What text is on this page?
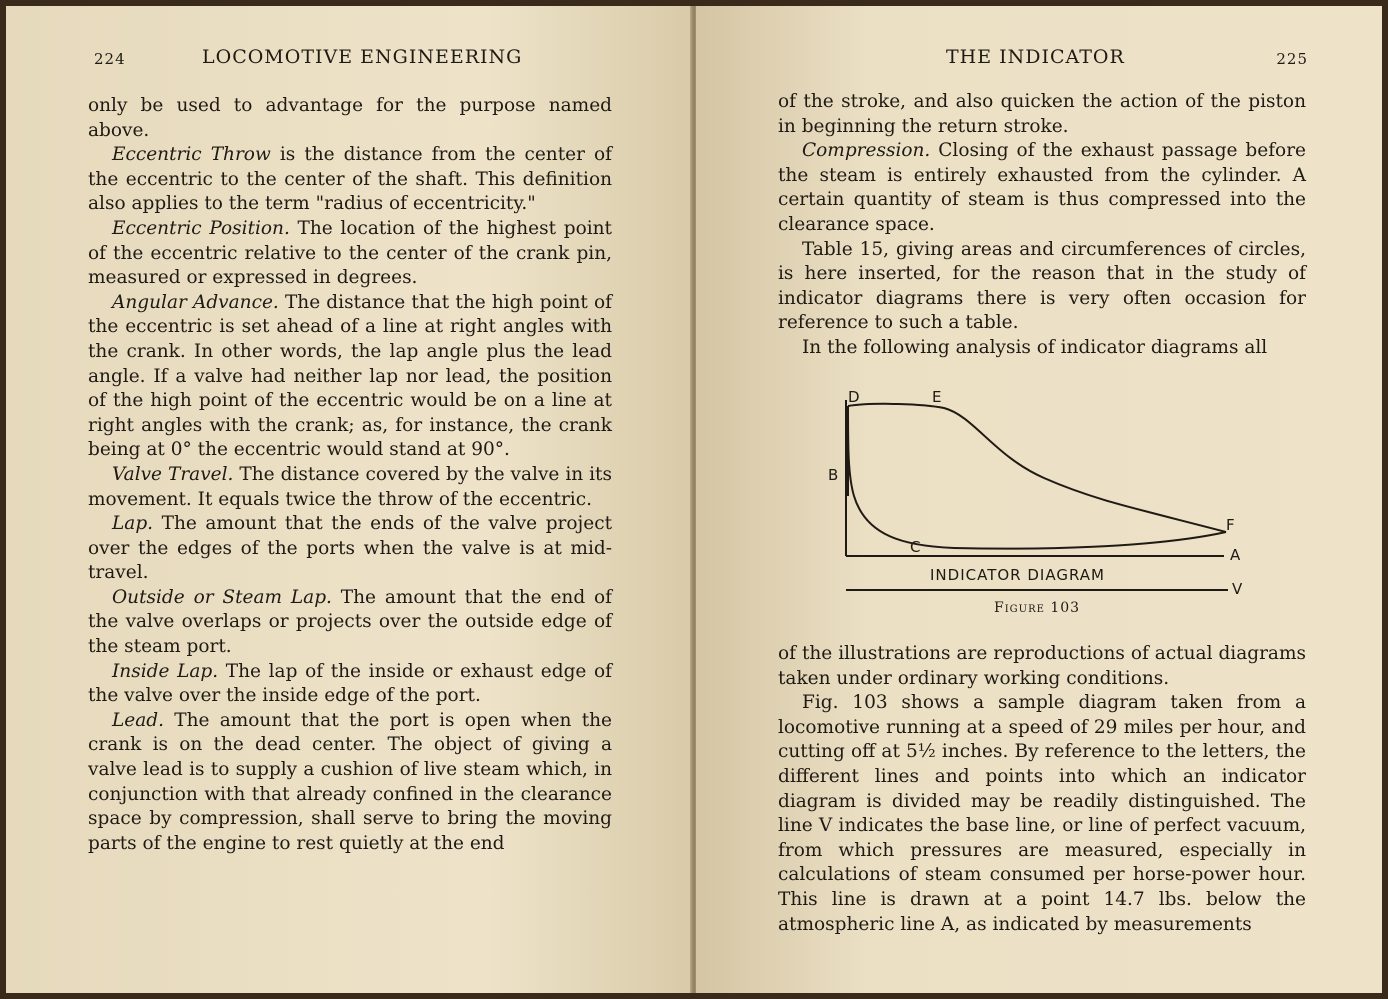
224	LOCOMOTIVE ENGINEERING

only be used to advantage for the purpose named above.

Eccentric Throw is the distance from the center of the eccentric to the center of the shaft. This definition also applies to the term "radius of eccentricity."

Eccentric Position. The location of the highest point of the eccentric relative to the center of the crank pin, measured or expressed in degrees.

Angular Advance. The distance that the high point of the eccentric is set ahead of a line at right angles with the crank. In other words, the lap angle plus the lead angle. If a valve had neither lap nor lead, the position of the high point of the eccentric would be on a line at right angles with the crank; as, for instance, the crank being at 0° the eccentric would stand at 90°.

Valve Travel. The distance covered by the valve in its movement. It equals twice the throw of the eccentric.

Lap. The amount that the ends of the valve project over the edges of the ports when the valve is at mid-travel.

Outside or Steam Lap. The amount that the end of the valve overlaps or projects over the outside edge of the steam port.

Inside Lap. The lap of the inside or exhaust edge of the valve over the inside edge of the port.

Lead. The amount that the port is open when the crank is on the dead center. The object of giving a valve lead is to supply a cushion of live steam which, in conjunction with that already confined in the clearance space by compression, shall serve to bring the moving parts of the engine to rest quietly at the end

THE INDICATOR	225

of the stroke, and also quicken the action of the piston in beginning the return stroke.

Compression. Closing of the exhaust passage before the steam is entirely exhausted from the cylinder. A certain quantity of steam is thus compressed into the clearance space.

Table 15, giving areas and circumferences of circles, is here inserted, for the reason that in the study of indicator diagrams there is very often occasion for reference to such a table.

In the following analysis of indicator diagrams all

D	E
B
C
F
A
V
INDICATOR DIAGRAM
Figure 103

of the illustrations are reproductions of actual diagrams taken under ordinary working conditions.

Fig. 103 shows a sample diagram taken from a locomotive running at a speed of 29 miles per hour, and cutting off at 5½ inches. By reference to the letters, the different lines and points into which an indicator diagram is divided may be readily distinguished. The line V indicates the base line, or line of perfect vacuum, from which pressures are measured, especially in calculations of steam consumed per horse-power hour. This line is drawn at a point 14.7 lbs. below the atmospheric line A, as indicated by measurements
